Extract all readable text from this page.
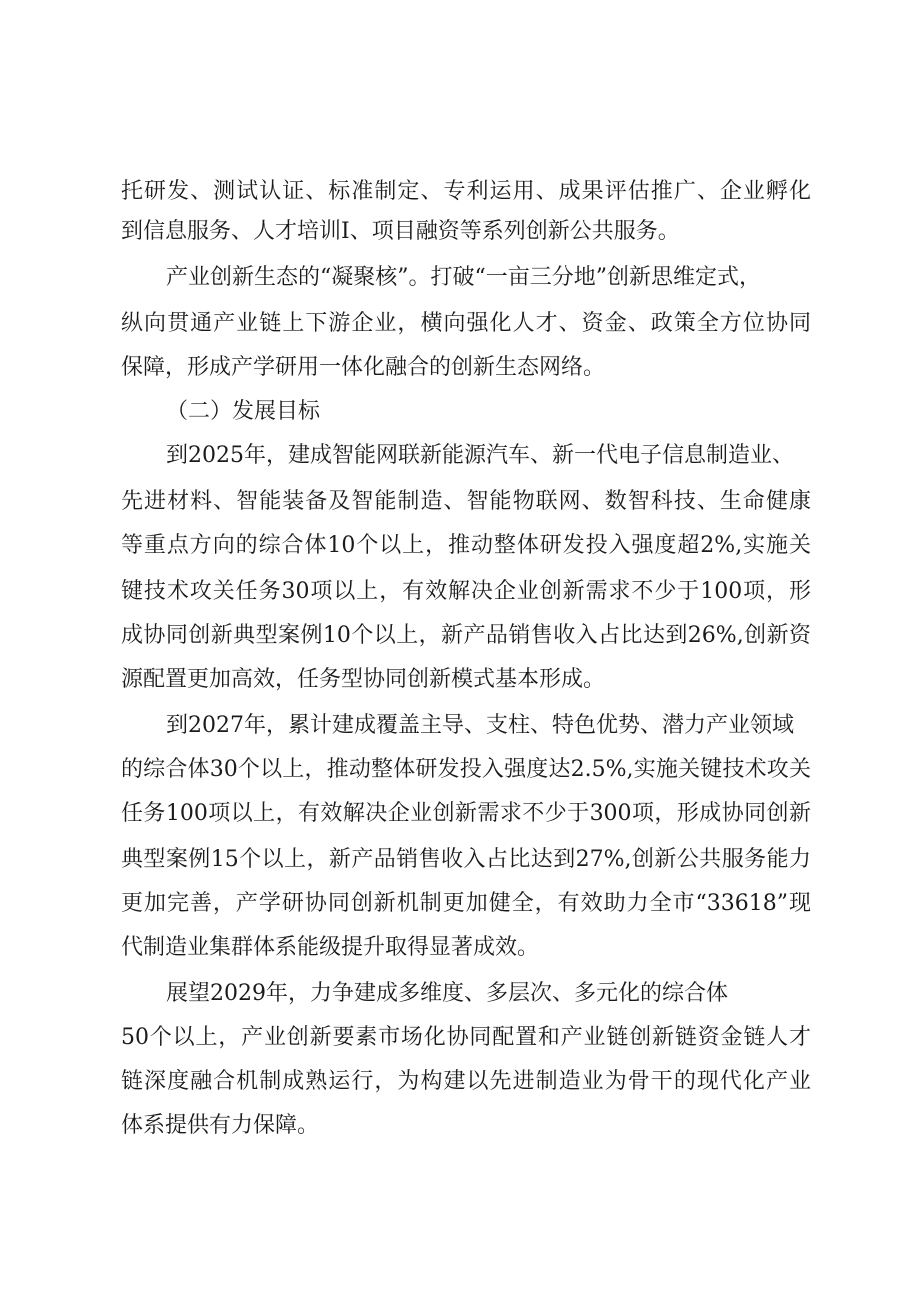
托研发、测试认证、标准制定、专利运用、成果评估推广、企业孵化
到信息服务、人才培训I、项目融资等系列创新公共服务。
产业创新生态的“凝聚核”。打破“一亩三分地”创新思维定式，
纵向贯通产业链上下游企业，横向强化人才、资金、政策全方位协同
保障，形成产学研用一体化融合的创新生态网络。
（二）发展目标
到2025年，建成智能网联新能源汽车、新一代电子信息制造业、
先进材料、智能装备及智能制造、智能物联网、数智科技、生命健康
等重点方向的综合体10个以上，推动整体研发投入强度超2%,实施关
键技术攻关任务30项以上，有效解决企业创新需求不少于100项，形
成协同创新典型案例10个以上，新产品销售收入占比达到26%,创新资
源配置更加高效，任务型协同创新模式基本形成。
到2027年，累计建成覆盖主导、支柱、特色优势、潜力产业领域
的综合体30个以上，推动整体研发投入强度达2.5%,实施关键技术攻关
任务100项以上，有效解决企业创新需求不少于300项，形成协同创新
典型案例15个以上，新产品销售收入占比达到27%,创新公共服务能力
更加完善，产学研协同创新机制更加健全，有效助力全市“33618”现
代制造业集群体系能级提升取得显著成效。
展望2029年，力争建成多维度、多层次、多元化的综合体
50个以上，产业创新要素市场化协同配置和产业链创新链资金链人才
链深度融合机制成熟运行，为构建以先进制造业为骨干的现代化产业
体系提供有力保障。
